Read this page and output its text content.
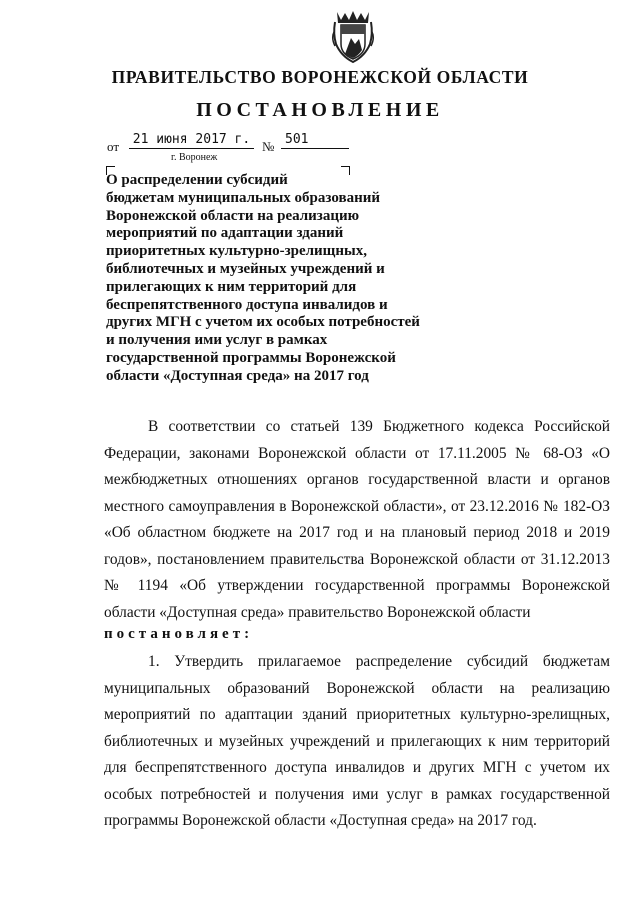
ПРАВИТЕЛЬСТВО ВОРОНЕЖСКОЙ ОБЛАСТИ
ПОСТАНОВЛЕНИЕ
от 21 июня 2017 г. № 501
г. Воронеж
О распределении субсидий
бюджетам муниципальных образований
Воронежской области на реализацию
мероприятий по адаптации зданий
приоритетных культурно-зрелищных,
библиотечных и музейных учреждений и
прилегающих к ним территорий для
беспрепятственного доступа инвалидов и
других МГН с учетом их особых потребностей
и получения ими услуг в рамках
государственной программы Воронежской
области «Доступная среда» на 2017 год

В соответствии со статьей 139 Бюджетного кодекса Российской Федерации, законами Воронежской области от 17.11.2005 № 68-ОЗ «О межбюджетных отношениях органов государственной власти и органов местного самоуправления в Воронежской области», от 23.12.2016 № 182-ОЗ «Об областном бюджете на 2017 год и на плановый период 2018 и 2019 годов», постановлением правительства Воронежской области от 31.12.2013 № 1194 «Об утверждении государственной программы Воронежской области «Доступная среда» правительство Воронежской области

постановляет:

1. Утвердить прилагаемое распределение субсидий бюджетам муниципальных образований Воронежской области на реализацию мероприятий по адаптации зданий приоритетных культурно-зрелищных, библиотечных и музейных учреждений и прилегающих к ним территорий для беспрепятственного доступа инвалидов и других МГН с учетом их особых потребностей и получения ими услуг в рамках государственной программы Воронежской области «Доступная среда» на 2017 год.
